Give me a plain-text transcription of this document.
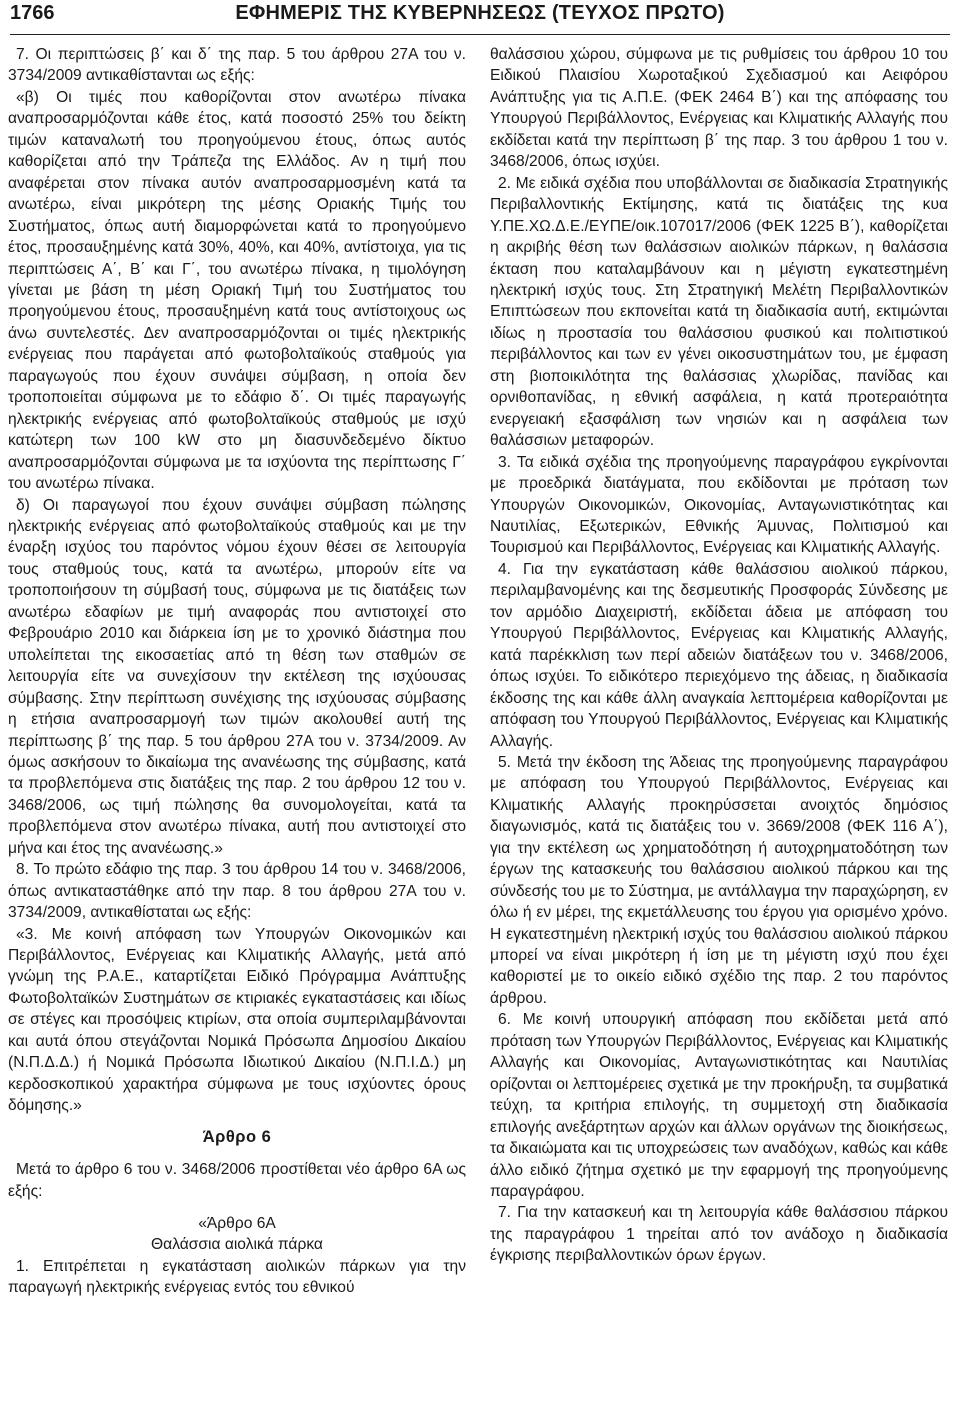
1766	ΕΦΗΜΕΡΙΣ ΤΗΣ ΚΥΒΕΡΝΗΣΕΩΣ (ΤΕΥΧΟΣ ΠΡΩΤΟ)

7. Οι περιπτώσεις β΄ και δ΄ της παρ. 5 του άρθρου 27Α του ν. 3734/2009 αντικαθίστανται ως εξής:

«β) Οι τιμές που καθορίζονται στον ανωτέρω πίνακα αναπροσαρμόζονται κάθε έτος, κατά ποσοστό 25% του δείκτη τιμών καταναλωτή του προηγούμενου έτους, όπως αυτός καθορίζεται από την Τράπεζα της Ελλάδος. Αν η τιμή που αναφέρεται στον πίνακα αυτόν αναπροσαρμοσμένη κατά τα ανωτέρω, είναι μικρότερη της μέσης Οριακής Τιμής του Συστήματος, όπως αυτή διαμορφώνεται κατά το προηγούμενο έτος, προσαυξημένης κατά 30%, 40%, και 40%, αντίστοιχα, για τις περιπτώσεις Α΄, Β΄ και Γ΄, του ανωτέρω πίνακα, η τιμολόγηση γίνεται με βάση τη μέση Οριακή Τιμή του Συστήματος του προηγούμενου έτους, προσαυξημένη κατά τους αντίστοιχους ως άνω συντελεστές. Δεν αναπροσαρμόζονται οι τιμές ηλεκτρικής ενέργειας που παράγεται από φωτοβολταϊκούς σταθμούς για παραγωγούς που έχουν συνάψει σύμβαση, η οποία δεν τροποποιείται σύμφωνα με το εδάφιο δ΄. Οι τιμές παραγωγής ηλεκτρικής ενέργειας από φωτοβολταϊκούς σταθμούς με ισχύ κατώτερη των 100 kW στο μη διασυνδεδεμένο δίκτυο αναπροσαρμόζονται σύμφωνα με τα ισχύοντα της περίπτωσης Γ΄ του ανωτέρω πίνακα.

δ) Οι παραγωγοί που έχουν συνάψει σύμβαση πώλησης ηλεκτρικής ενέργειας από φωτοβολταϊκούς σταθμούς και με την έναρξη ισχύος του παρόντος νόμου έχουν θέσει σε λειτουργία τους σταθμούς τους, κατά τα ανωτέρω, μπορούν είτε να τροποποιήσουν τη σύμβασή τους, σύμφωνα με τις διατάξεις των ανωτέρω εδαφίων με τιμή αναφοράς που αντιστοιχεί στο Φεβρουάριο 2010 και διάρκεια ίση με το χρονικό διάστημα που υπολείπεται της εικοσαετίας από τη θέση των σταθμών σε λειτουργία είτε να συνεχίσουν την εκτέλεση της ισχύουσας σύμβασης. Στην περίπτωση συνέχισης της ισχύουσας σύμβασης η ετήσια αναπροσαρμογή των τιμών ακολουθεί αυτή της περίπτωσης β΄ της παρ. 5 του άρθρου 27Α του ν. 3734/2009. Αν όμως ασκήσουν το δικαίωμα της ανανέωσης της σύμβασης, κατά τα προβλεπόμενα στις διατάξεις της παρ. 2 του άρθρου 12 του ν. 3468/2006, ως τιμή πώλησης θα συνομολογείται, κατά τα προβλεπόμενα στον ανωτέρω πίνακα, αυτή που αντιστοιχεί στο μήνα και έτος της ανανέωσης.»

8. Το πρώτο εδάφιο της παρ. 3 του άρθρου 14 του ν. 3468/2006, όπως αντικαταστάθηκε από την παρ. 8 του άρθρου 27Α του ν. 3734/2009, αντικαθίσταται ως εξής:

«3. Με κοινή απόφαση των Υπουργών Οικονομικών και Περιβάλλοντος, Ενέργειας και Κλιματικής Αλλαγής, μετά από γνώμη της Ρ.Α.Ε., καταρτίζεται Ειδικό Πρόγραμμα Ανάπτυξης Φωτοβολταϊκών Συστημάτων σε κτιριακές εγκαταστάσεις και ιδίως σε στέγες και προσόψεις κτιρίων, στα οποία συμπεριλαμβάνονται και αυτά όπου στεγάζονται Νομικά Πρόσωπα Δημοσίου Δικαίου (Ν.Π.Δ.Δ.) ή Νομικά Πρόσωπα Ιδιωτικού Δικαίου (Ν.Π.Ι.Δ.) μη κερδοσκοπικού χαρακτήρα σύμφωνα με τους ισχύοντες όρους δόμησης.»

Άρθρο 6

Μετά το άρθρο 6 του ν. 3468/2006 προστίθεται νέο άρθρο 6Α ως εξής:

«Άρθρο 6Α

Θαλάσσια αιολικά πάρκα

1. Επιτρέπεται η εγκατάσταση αιολικών πάρκων για την παραγωγή ηλεκτρικής ενέργειας εντός του εθνικού

θαλάσσιου χώρου, σύμφωνα με τις ρυθμίσεις του άρθρου 10 του Ειδικού Πλαισίου Χωροταξικού Σχεδιασμού και Αειφόρου Ανάπτυξης για τις Α.Π.Ε. (ΦΕΚ 2464 Β΄) και της απόφασης του Υπουργού Περιβάλλοντος, Ενέργειας και Κλιματικής Αλλαγής που εκδίδεται κατά την περίπτωση β΄ της παρ. 3 του άρθρου 1 του ν. 3468/2006, όπως ισχύει.

2. Με ειδικά σχέδια που υποβάλλονται σε διαδικασία Στρατηγικής Περιβαλλοντικής Εκτίμησης, κατά τις διατάξεις της κυα Υ.ΠΕ.ΧΩ.Δ.Ε./ΕΥΠΕ/οικ.107017/2006 (ΦΕΚ 1225 Β΄), καθορίζεται η ακριβής θέση των θαλάσσιων αιολικών πάρκων, η θαλάσσια έκταση που καταλαμβάνουν και η μέγιστη εγκατεστημένη ηλεκτρική ισχύς τους. Στη Στρατηγική Μελέτη Περιβαλλοντικών Επιπτώσεων που εκπονείται κατά τη διαδικασία αυτή, εκτιμώνται ιδίως η προστασία του θαλάσσιου φυσικού και πολιτιστικού περιβάλλοντος και των εν γένει οικοσυστημάτων του, με έμφαση στη βιοποικιλότητα της θαλάσσιας χλωρίδας, πανίδας και ορνιθοπανίδας, η εθνική ασφάλεια, η κατά προτεραιότητα ενεργειακή εξασφάλιση των νησιών και η ασφάλεια των θαλάσσιων μεταφορών.

3. Τα ειδικά σχέδια της προηγούμενης παραγράφου εγκρίνονται με προεδρικά διατάγματα, που εκδίδονται με πρόταση των Υπουργών Οικονομικών, Οικονομίας, Ανταγωνιστικότητας και Ναυτιλίας, Εξωτερικών, Εθνικής Άμυνας, Πολιτισμού και Τουρισμού και Περιβάλλοντος, Ενέργειας και Κλιματικής Αλλαγής.

4. Για την εγκατάσταση κάθε θαλάσσιου αιολικού πάρκου, περιλαμβανομένης και της δεσμευτικής Προσφοράς Σύνδεσης με τον αρμόδιο Διαχειριστή, εκδίδεται άδεια με απόφαση του Υπουργού Περιβάλλοντος, Ενέργειας και Κλιματικής Αλλαγής, κατά παρέκκλιση των περί αδειών διατάξεων του ν. 3468/2006, όπως ισχύει. Το ειδικότερο περιεχόμενο της άδειας, η διαδικασία έκδοσης της και κάθε άλλη αναγκαία λεπτομέρεια καθορίζονται με απόφαση του Υπουργού Περιβάλλοντος, Ενέργειας και Κλιματικής Αλλαγής.

5. Μετά την έκδοση της Άδειας της προηγούμενης παραγράφου με απόφαση του Υπουργού Περιβάλλοντος, Ενέργειας και Κλιματικής Αλλαγής προκηρύσσεται ανοιχτός δημόσιος διαγωνισμός, κατά τις διατάξεις του ν. 3669/2008 (ΦΕΚ 116 Α΄), για την εκτέλεση ως χρηματοδότηση ή αυτοχρηματοδότηση των έργων της κατασκευής του θαλάσσιου αιολικού πάρκου και της σύνδεσής του με το Σύστημα, με αντάλλαγμα την παραχώρηση, εν όλω ή εν μέρει, της εκμετάλλευσης του έργου για ορισμένο χρόνο. Η εγκατεστημένη ηλεκτρική ισχύς του θαλάσσιου αιολικού πάρκου μπορεί να είναι μικρότερη ή ίση με τη μέγιστη ισχύ που έχει καθοριστεί με το οικείο ειδικό σχέδιο της παρ. 2 του παρόντος άρθρου.

6. Με κοινή υπουργική απόφαση που εκδίδεται μετά από πρόταση των Υπουργών Περιβάλλοντος, Ενέργειας και Κλιματικής Αλλαγής και Οικονομίας, Ανταγωνιστικότητας και Ναυτιλίας ορίζονται οι λεπτομέρειες σχετικά με την προκήρυξη, τα συμβατικά τεύχη, τα κριτήρια επιλογής, τη συμμετοχή στη διαδικασία επιλογής ανεξάρτητων αρχών και άλλων οργάνων της διοικήσεως, τα δικαιώματα και τις υποχρεώσεις των αναδόχων, καθώς και κάθε άλλο ειδικό ζήτημα σχετικό με την εφαρμογή της προηγούμενης παραγράφου.

7. Για την κατασκευή και τη λειτουργία κάθε θαλάσσιου πάρκου της παραγράφου 1 τηρείται από τον ανάδοχο η διαδικασία έγκρισης περιβαλλοντικών όρων έργων.
